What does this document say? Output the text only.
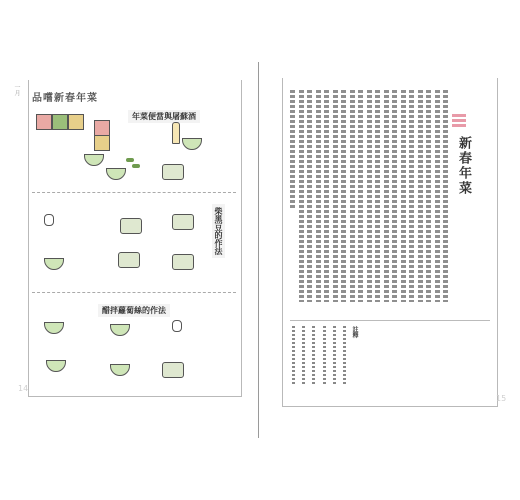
一月
品嚐新春年菜
年菜便當與屠蘇酒
柴黑豆的作法
醋拌蘿蔔絲的作法
14
新春年菜
註釋
15
